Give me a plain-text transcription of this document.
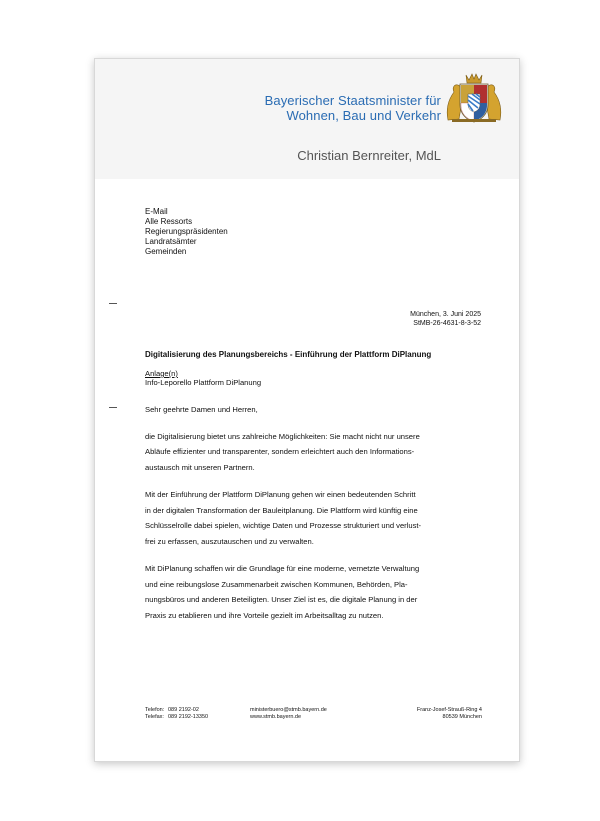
Bayerischer Staatsminister für
Wohnen, Bau und Verkehr
Christian Bernreiter, MdL
E-Mail
Alle Ressorts
Regierungspräsidenten
Landratsämter
Gemeinden
München, 3. Juni 2025
StMB-26-4631-8-3-52
Digitalisierung des Planungsbereichs - Einführung der Plattform DiPlanung
Anlage(n)
Info-Leporello Plattform DiPlanung

Sehr geehrte Damen und Herren,

die Digitalisierung bietet uns zahlreiche Möglichkeiten: Sie macht nicht nur unsere
Abläufe effizienter und transparenter, sondern erleichtert auch den Informations-
austausch mit unseren Partnern.

Mit der Einführung der Plattform DiPlanung gehen wir einen bedeutenden Schritt
in der digitalen Transformation der Bauleitplanung. Die Plattform wird künftig eine
Schlüsselrolle dabei spielen, wichtige Daten und Prozesse strukturiert und verlust-
frei zu erfassen, auszutauschen und zu verwalten.

Mit DiPlanung schaffen wir die Grundlage für eine moderne, vernetzte Verwaltung
und eine reibungslose Zusammenarbeit zwischen Kommunen, Behörden, Pla-
nungsbüros und anderen Beteiligten. Unser Ziel ist es, die digitale Planung in der
Praxis zu etablieren und ihre Vorteile gezielt im Arbeitsalltag zu nutzen.

Telefon: 089 2192-02
Telefax: 089 2192-13350
ministerbuero@stmb.bayern.de
www.stmb.bayern.de
Franz-Josef-Strauß-Ring 4
80539 München
